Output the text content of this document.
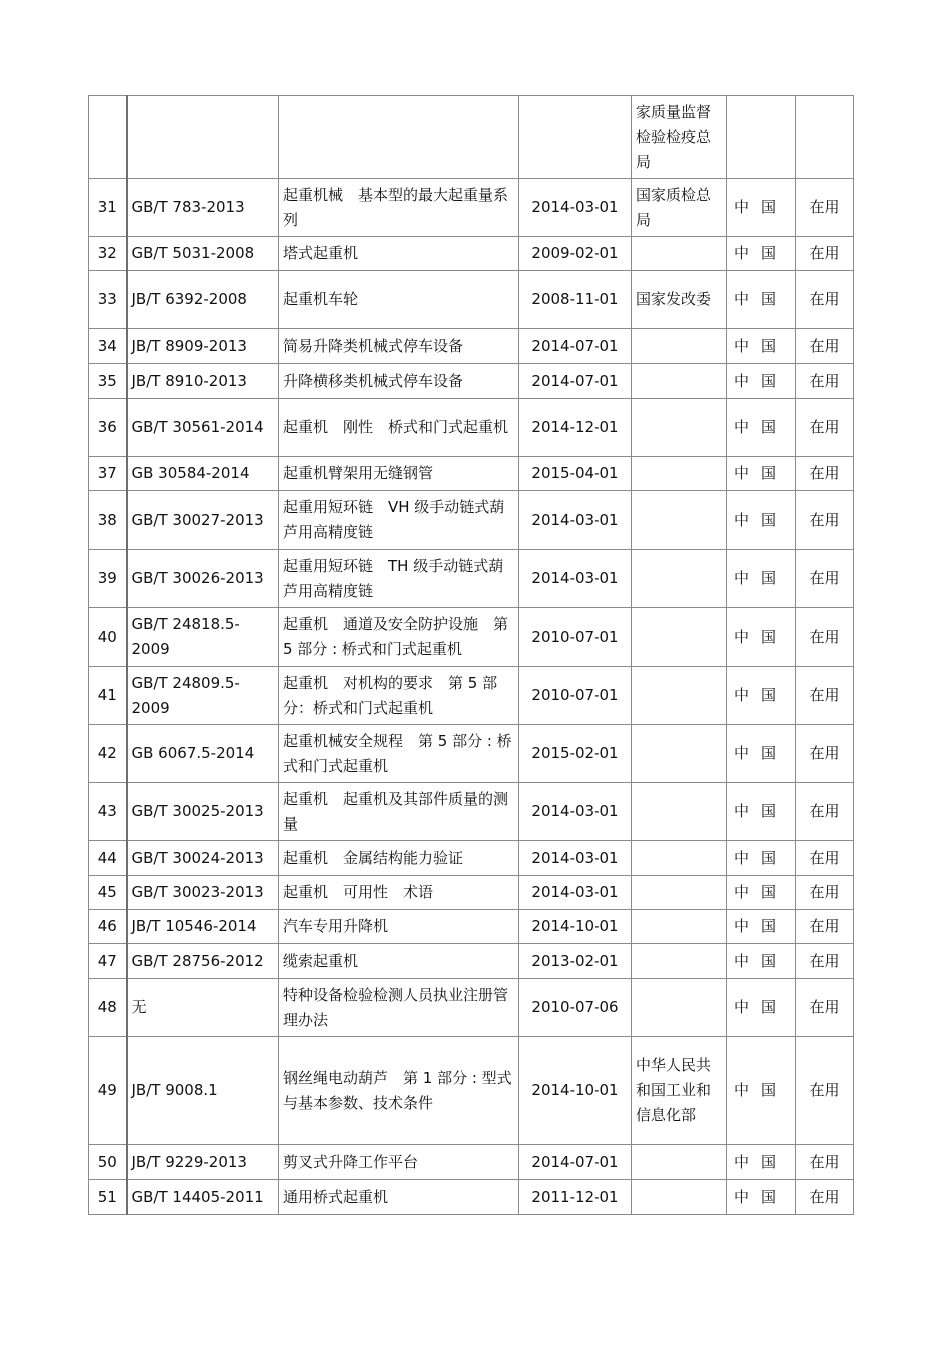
				家质量监督检验检疫总局		
31	GB/T 783-2013	起重机械　基本型的最大起重量系列	2014-03-01	国家质检总局	中国	在用
32	GB/T 5031-2008	塔式起重机	2009-02-01		中国	在用
33	JB/T 6392-2008	起重机车轮	2008-11-01	国家发改委	中国	在用
34	JB/T 8909-2013	简易升降类机械式停车设备	2014-07-01		中国	在用
35	JB/T 8910-2013	升降横移类机械式停车设备	2014-07-01		中国	在用
36	GB/T 30561-2014	起重机　刚性　桥式和门式起重机	2014-12-01		中国	在用
37	GB 30584-2014	起重机臂架用无缝钢管	2015-04-01		中国	在用
38	GB/T 30027-2013	起重用短环链　VH 级手动链式葫芦用高精度链	2014-03-01		中国	在用
39	GB/T 30026-2013	起重用短环链　TH 级手动链式葫芦用高精度链	2014-03-01		中国	在用
40	GB/T 24818.5-2009	起重机　通道及安全防护设施　第 5 部分 : 桥式和门式起重机	2010-07-01		中国	在用
41	GB/T 24809.5-2009	起重机　对机构的要求　第 5 部分：桥式和门式起重机	2010-07-01		中国	在用
42	GB 6067.5-2014	起重机械安全规程　第 5 部分 : 桥式和门式起重机	2015-02-01		中国	在用
43	GB/T 30025-2013	起重机　起重机及其部件质量的测量	2014-03-01		中国	在用
44	GB/T 30024-2013	起重机　金属结构能力验证	2014-03-01		中国	在用
45	GB/T 30023-2013	起重机　可用性　术语	2014-03-01		中国	在用
46	JB/T 10546-2014	汽车专用升降机	2014-10-01		中国	在用
47	GB/T 28756-2012	缆索起重机	2013-02-01		中国	在用
48	无	特种设备检验检测人员执业注册管理办法	2010-07-06		中国	在用
49	JB/T 9008.1	钢丝绳电动葫芦　第 1 部分 : 型式与基本参数、技术条件	2014-10-01	中华人民共和国工业和信息化部	中国	在用
50	JB/T 9229-2013	剪叉式升降工作平台	2014-07-01		中国	在用
51	GB/T 14405-2011	通用桥式起重机	2011-12-01		中国	在用
